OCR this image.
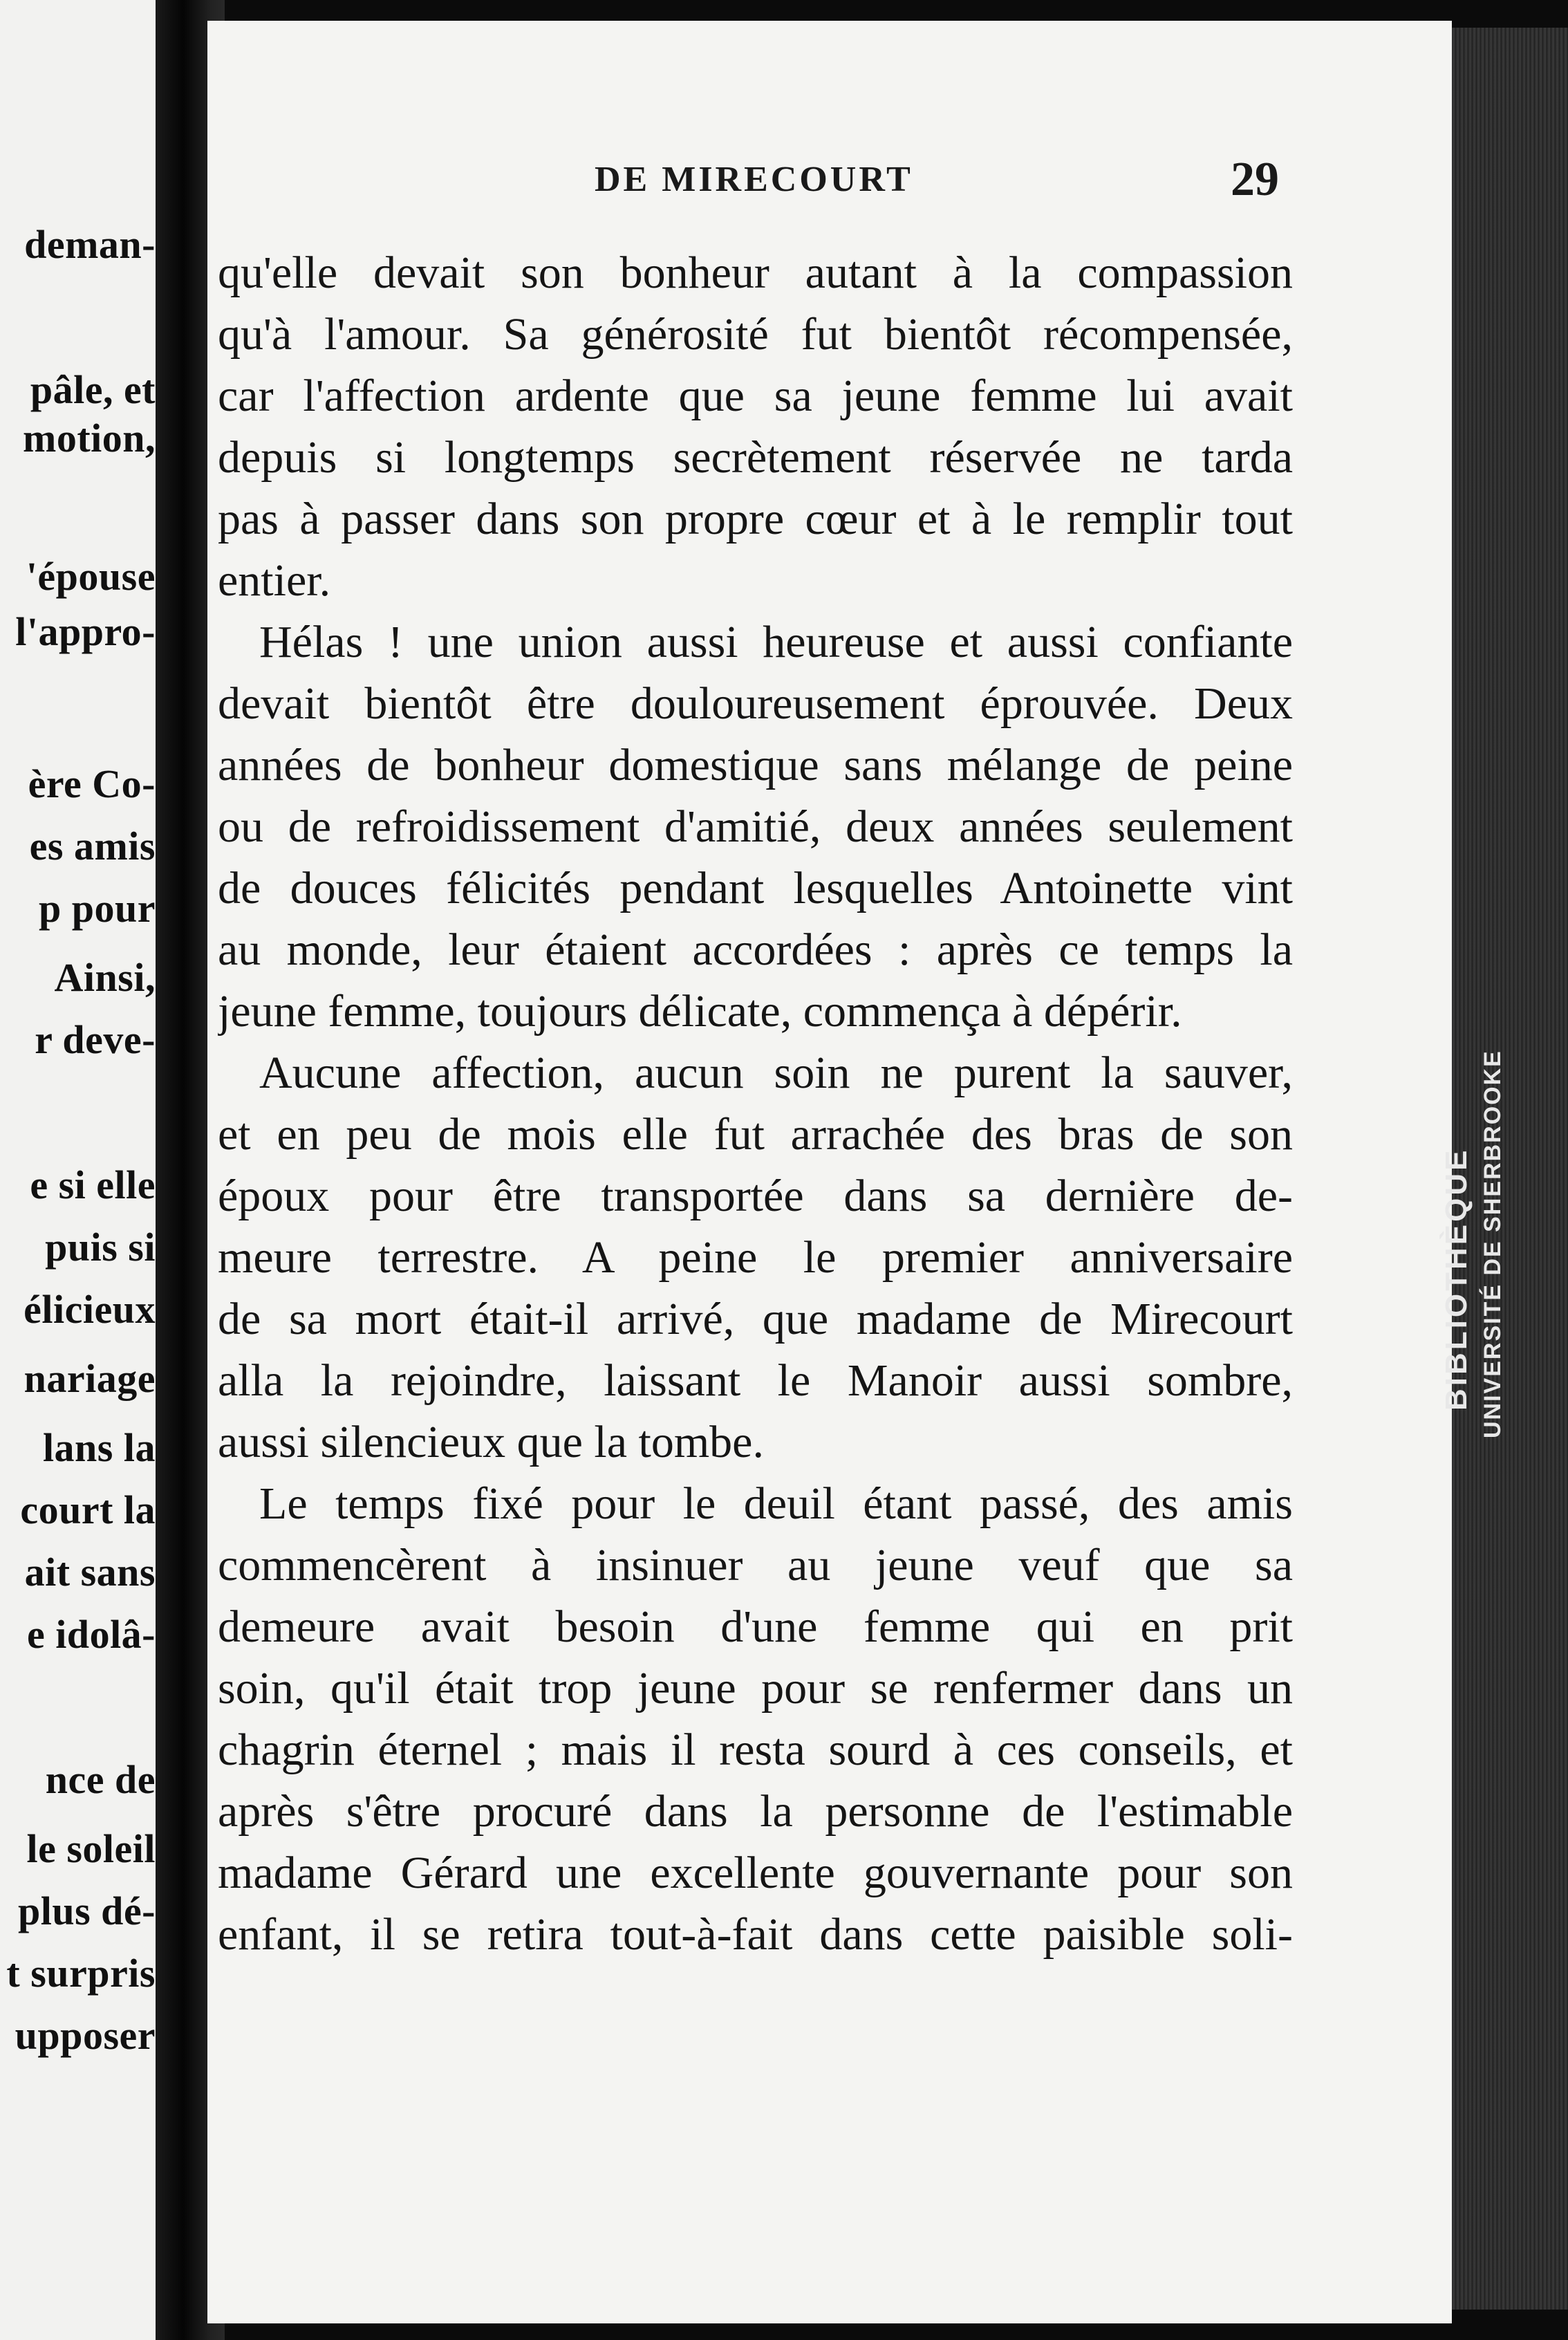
deman-
pâle, et
motion,
'épouse
l'appro-
ère Co-
es amis
p pour
Ainsi,
r deve-
e si elle
puis si
élicieux
nariage
lans la
court la
ait sans
e idolâ-
nce de
le soleil
plus dé-
t surpris
upposer
DE MIRECOURT	29
qu'elle devait son bonheur autant à la compassion
qu'à l'amour. Sa générosité fut bientôt récompensée,
car l'affection ardente que sa jeune femme lui avait
depuis si longtemps secrètement réservée ne tarda
pas à passer dans son propre cœur et à le remplir tout
entier.
Hélas ! une union aussi heureuse et aussi confiante
devait bientôt être douloureusement éprouvée. Deux
années de bonheur domestique sans mélange de peine
ou de refroidissement d'amitié, deux années seulement
de douces félicités pendant lesquelles Antoinette vint
au monde, leur étaient accordées : après ce temps la
jeune femme, toujours délicate, commença à dépérir.
Aucune affection, aucun soin ne purent la sauver,
et en peu de mois elle fut arrachée des bras de son
époux pour être transportée dans sa dernière de-
meure terrestre. A peine le premier anniversaire
de sa mort était-il arrivé, que madame de Mirecourt
alla la rejoindre, laissant le Manoir aussi sombre,
aussi silencieux que la tombe.
Le temps fixé pour le deuil étant passé, des amis
commencèrent à insinuer au jeune veuf que sa
demeure avait besoin d'une femme qui en prit
soin, qu'il était trop jeune pour se renfermer dans un
chagrin éternel ; mais il resta sourd à ces conseils, et
après s'être procuré dans la personne de l'estimable
madame Gérard une excellente gouvernante pour son
enfant, il se retira tout-à-fait dans cette paisible soli-
BIBLIOTHÈQUE UNIVERSITÉ DE SHERBROOKE
